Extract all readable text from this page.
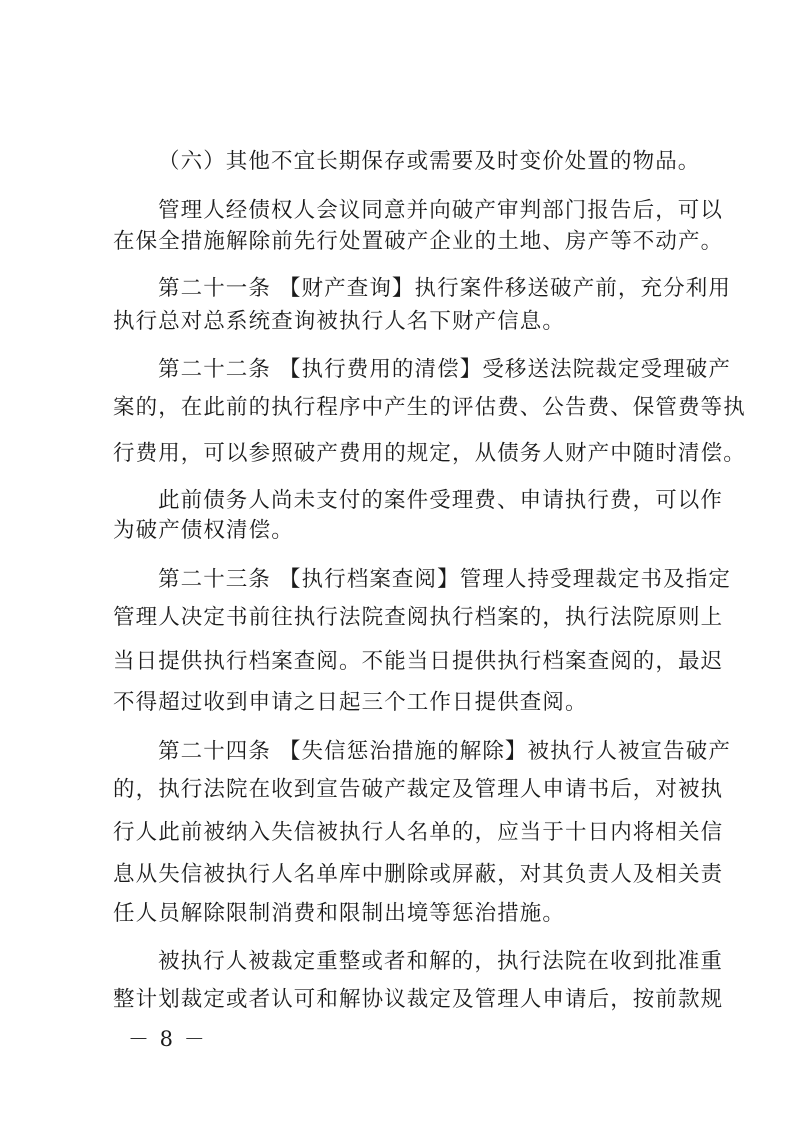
（六）其他不宜长期保存或需要及时变价处置的物品。
管理人经债权人会议同意并向破产审判部门报告后，可以
在保全措施解除前先行处置破产企业的土地、房产等不动产。
第二十一条 【财产查询】执行案件移送破产前，充分利用
执行总对总系统查询被执行人名下财产信息。
第二十二条 【执行费用的清偿】受移送法院裁定受理破产
案的，在此前的执行程序中产生的评估费、公告费、保管费等执
行费用，可以参照破产费用的规定，从债务人财产中随时清偿。
此前债务人尚未支付的案件受理费、申请执行费，可以作
为破产债权清偿。
第二十三条 【执行档案查阅】管理人持受理裁定书及指定
管理人决定书前往执行法院查阅执行档案的，执行法院原则上
当日提供执行档案查阅。不能当日提供执行档案查阅的，最迟
不得超过收到申请之日起三个工作日提供查阅。
第二十四条 【失信惩治措施的解除】被执行人被宣告破产
的，执行法院在收到宣告破产裁定及管理人申请书后，对被执
行人此前被纳入失信被执行人名单的，应当于十日内将相关信
息从失信被执行人名单库中删除或屏蔽，对其负责人及相关责
任人员解除限制消费和限制出境等惩治措施。
被执行人被裁定重整或者和解的，执行法院在收到批准重
整计划裁定或者认可和解协议裁定及管理人申请后，按前款规
－ 8 －
